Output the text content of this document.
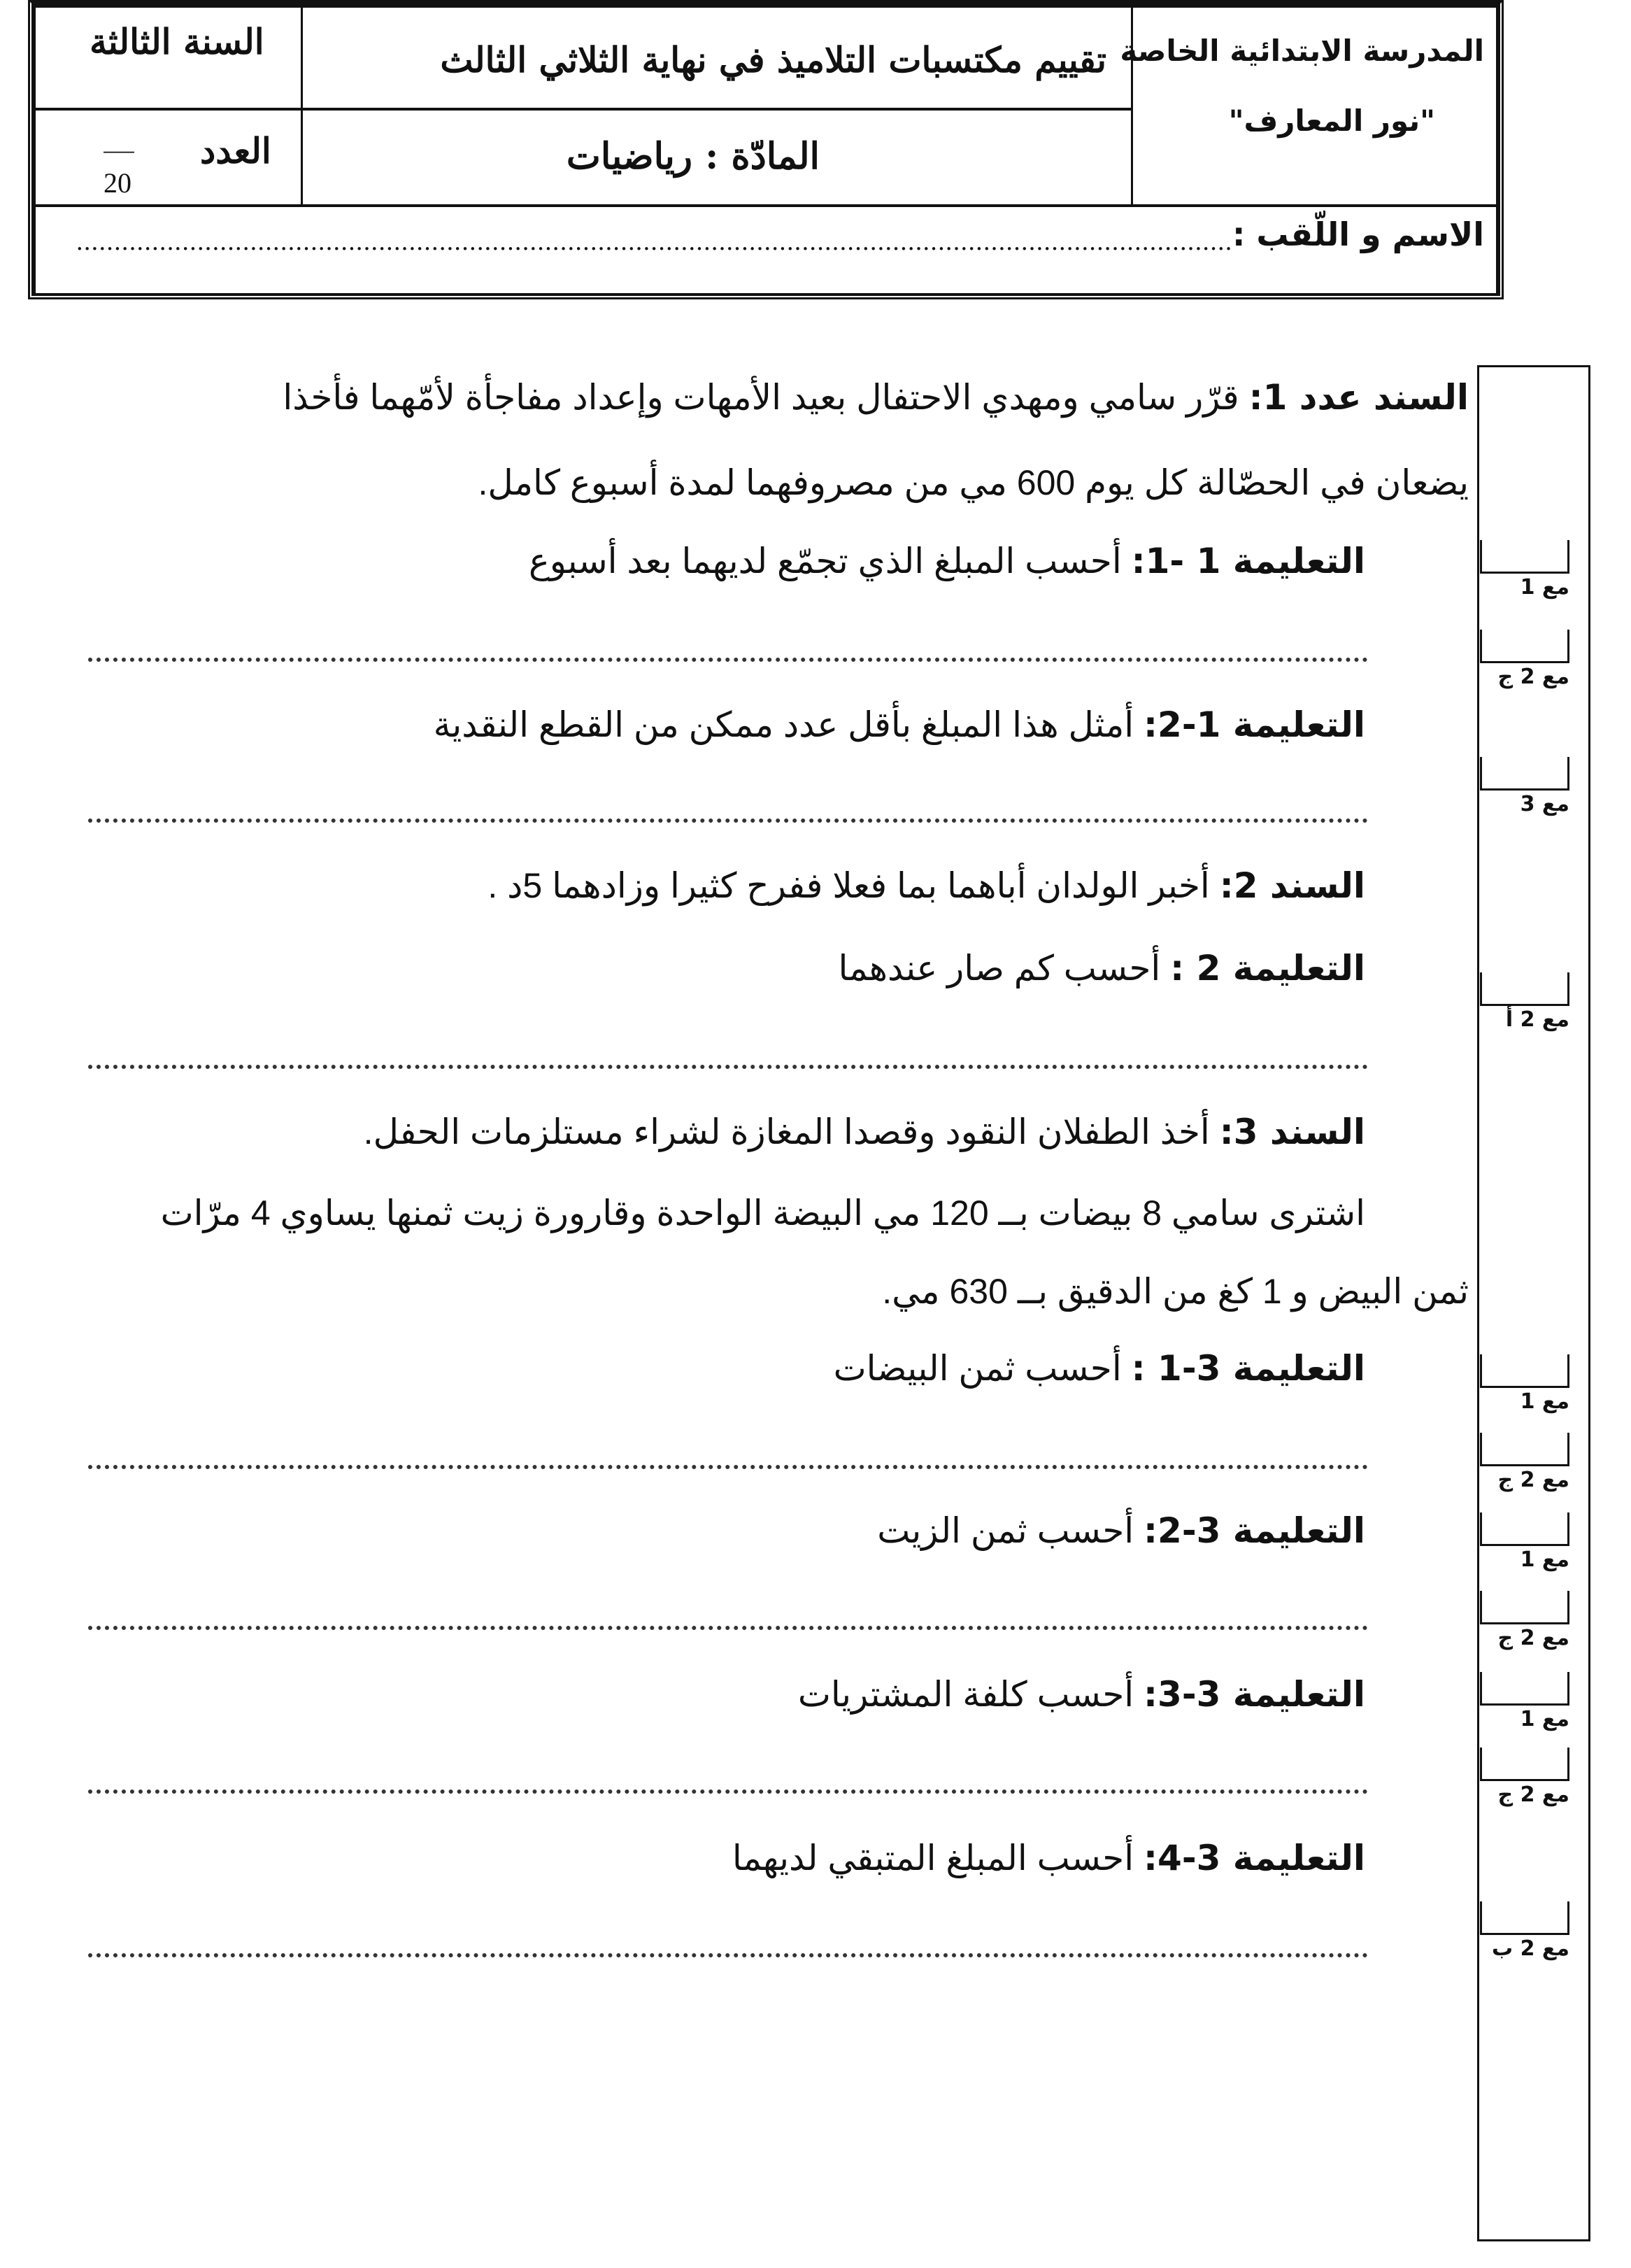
المدرسة الابتدائية الخاصة
"نور المعارف"
تقييم مكتسبات التلاميذ في نهاية الثلاثي الثالث
المادّة : رياضيات
السنة الثالثة
العدد
__
20
الاسم و اللّقب :
.........................................................................................................................................................
السند عدد 1: قرّر سامي ومهدي الاحتفال بعيد الأمهات وإعداد مفاجأة لأمّهما فأخذا
يضعان في الحصّالة كل يوم 600 مي من مصروفهما لمدة أسبوع كامل.
التعليمة 1 -1: أحسب المبلغ الذي تجمّع لديهما بعد أسبوع
التعليمة 1-2: أمثل هذا المبلغ بأقل عدد ممكن من القطع النقدية
السند 2: أخبر الولدان أباهما بما فعلا ففرح كثيرا وزادهما 5د .
التعليمة 2 : أحسب كم صار عندهما
السند 3: أخذ الطفلان النقود وقصدا المغازة لشراء مستلزمات الحفل.
اشترى سامي 8 بيضات بــ 120 مي البيضة الواحدة وقارورة زيت ثمنها يساوي 4 مرّات
ثمن البيض و 1 كغ من الدقيق بــ 630 مي.
التعليمة 3-1 : أحسب ثمن البيضات
التعليمة 3-2: أحسب ثمن الزيت
التعليمة 3-3: أحسب كلفة المشتريات
التعليمة 3-4: أحسب المبلغ المتبقي لديهما
مع 1
مع 2 ج
مع 3
مع 2 أ
مع 1
مع 2 ج
مع 1
مع 2 ج
مع 1
مع 2 ج
مع 2 ب
